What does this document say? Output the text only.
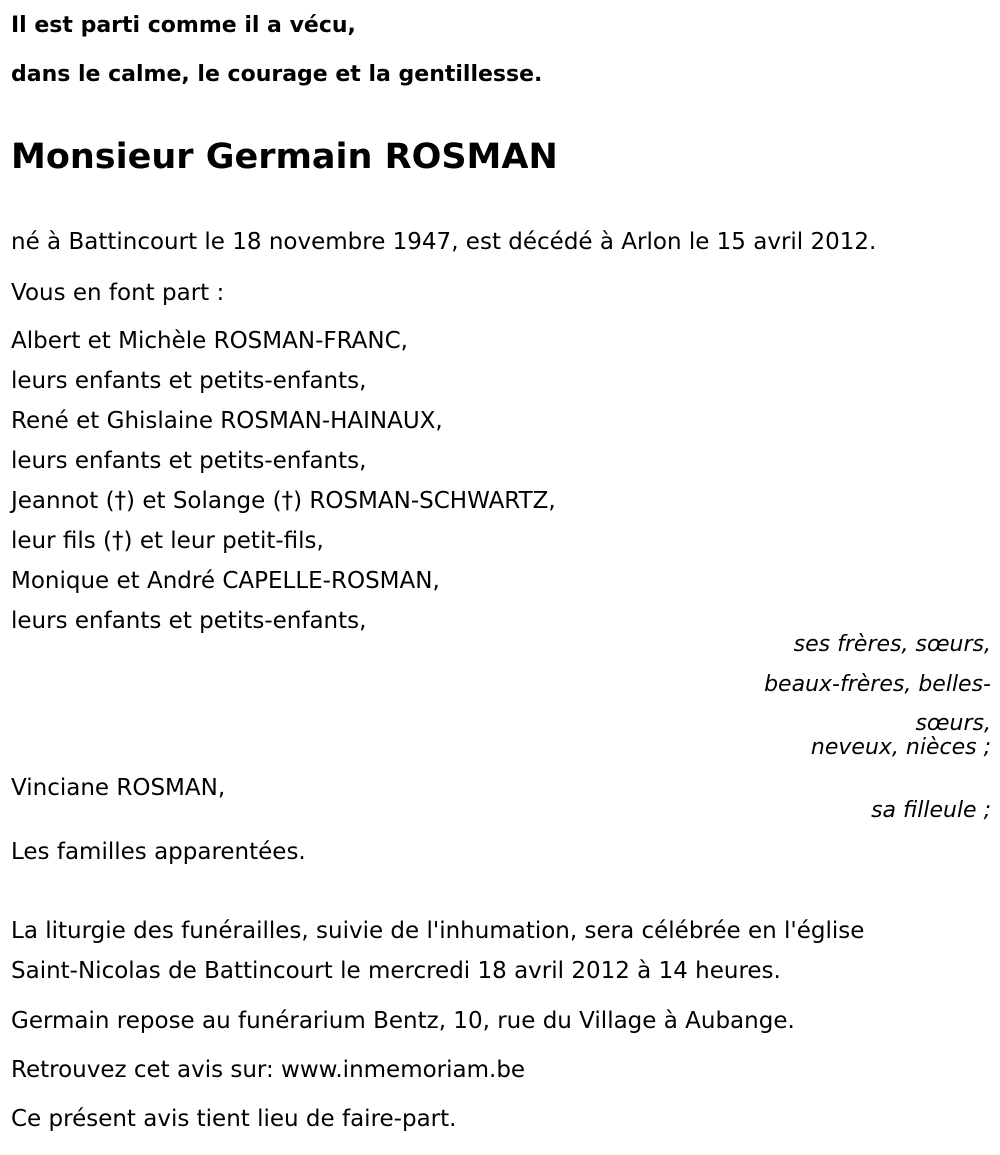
Il est parti comme il a vécu,
dans le calme, le courage et la gentillesse.
Monsieur Germain ROSMAN
né à Battincourt le 18 novembre 1947, est décédé à Arlon le 15 avril 2012.
Vous en font part :
Albert et Michèle ROSMAN-FRANC,
leurs enfants et petits-enfants,
René et Ghislaine ROSMAN-HAINAUX,
leurs enfants et petits-enfants,
Jeannot (†) et Solange (†) ROSMAN-SCHWARTZ,
leur fils (†) et leur petit-fils,
Monique et André CAPELLE-ROSMAN,
leurs enfants et petits-enfants,
ses frères, sœurs,
beaux-frères, belles-
sœurs,
neveux, nièces ;
Vinciane ROSMAN,
sa filleule ;
Les familles apparentées.
La liturgie des funérailles, suivie de l'inhumation, sera célébrée en l'église
Saint-Nicolas de Battincourt le mercredi 18 avril 2012 à 14 heures.
Germain repose au funérarium Bentz, 10, rue du Village à Aubange.
Retrouvez cet avis sur: www.inmemoriam.be
Ce présent avis tient lieu de faire-part.
